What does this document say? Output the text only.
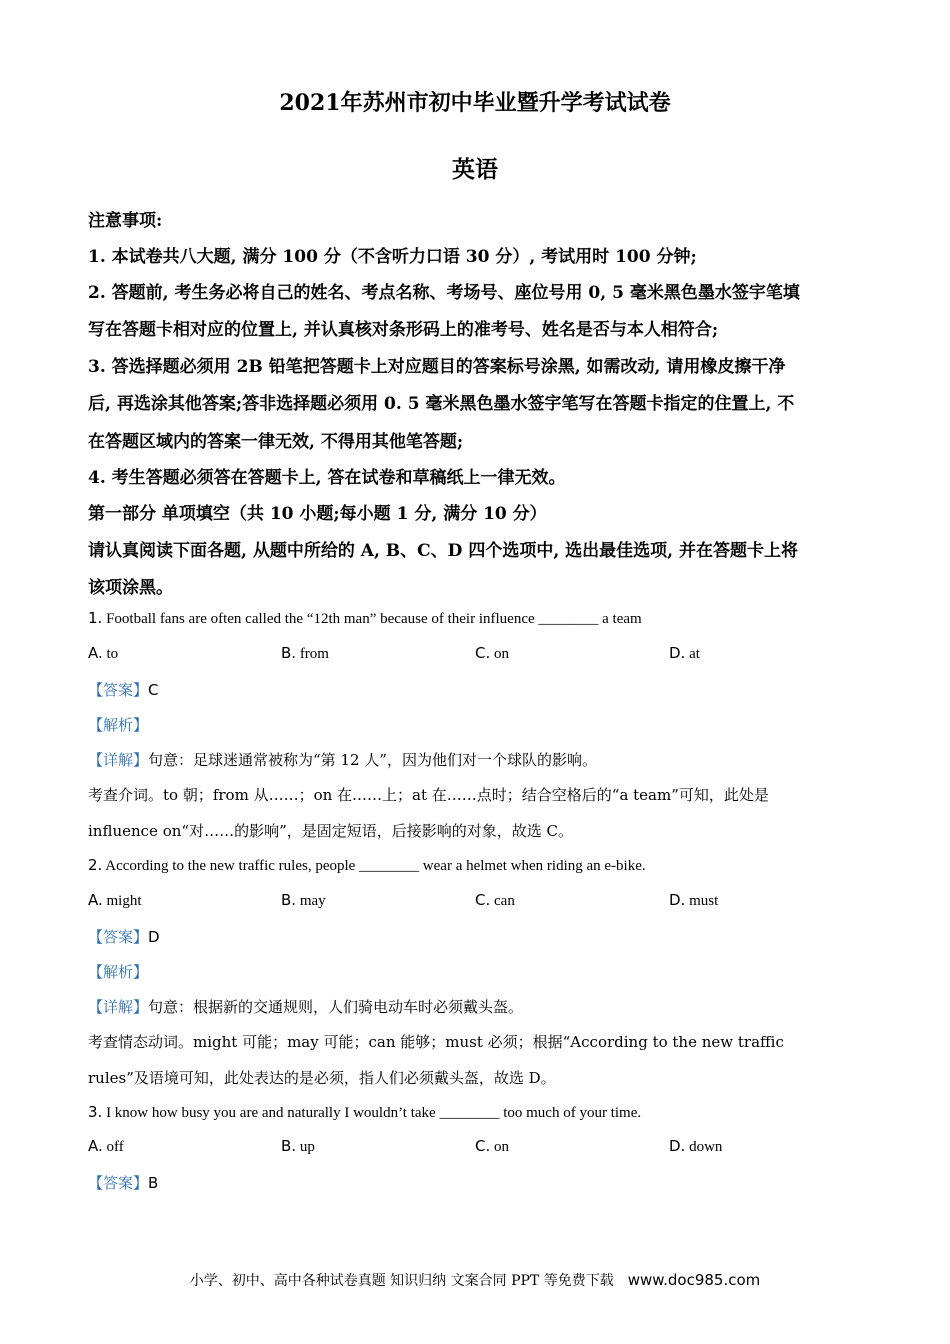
2021年苏州市初中毕业暨升学考试试卷
英语
注意事项:
1. 本试卷共八大题, 满分 100 分（不含听力口语 30 分）, 考试用时 100 分钟;
2. 答题前, 考生务必将自己的姓名、考点名称、考场号、座位号用 0, 5 毫米黑色墨水签宇笔填
写在答题卡相对应的位置上, 并认真核对条形码上的准考号、姓名是否与本人相符合;
3. 答选择题必须用 2B 铅笔把答题卡上对应题目的答案标号涂黑, 如需改动, 请用橡皮擦干净
后, 再选涂其他答案;答非选择题必须用 0. 5 毫米黑色墨水签宇笔写在答题卡指定的住置上, 不
在答题区域内的答案一律无效, 不得用其他笔答题;
4. 考生答题必须答在答题卡上, 答在试卷和草稿纸上一律无效。
第一部分 单项填空（共 10 小题;每小题 1 分, 满分 10 分）
请认真阅读下面各题, 从题中所给的 A, B、C、D 四个选项中, 选出最佳选项, 并在答题卡上将
该项涂黑。
1. Football fans are often called the “12th man” because of their influence ________ a team
A. to	B. from	C. on	D. at
【答案】C
【解析】
【详解】句意：足球迷通常被称为“第 12 人”，因为他们对一个球队的影响。
考查介词。to 朝；from 从……；on 在……上；at 在……点时；结合空格后的“a team”可知，此处是
influence on“对……的影响”，是固定短语，后接影响的对象，故选 C。
2. According to the new traffic rules, people ________ wear a helmet when riding an e-bike.
A. might	B. may	C. can	D. must
【答案】D
【解析】
【详解】句意：根据新的交通规则，人们骑电动车时必须戴头盔。
考查情态动词。might 可能；may 可能；can 能够；must 必须；根据“According to the new traffic
rules”及语境可知，此处表达的是必须，指人们必须戴头盔，故选 D。
3. I know how busy you are and naturally I wouldn’t take ________ too much of your time.
A. off	B. up	C. on	D. down
【答案】B
小学、初中、高中各种试卷真题 知识归纳 文案合同 PPT 等免费下载 www.doc985.com
